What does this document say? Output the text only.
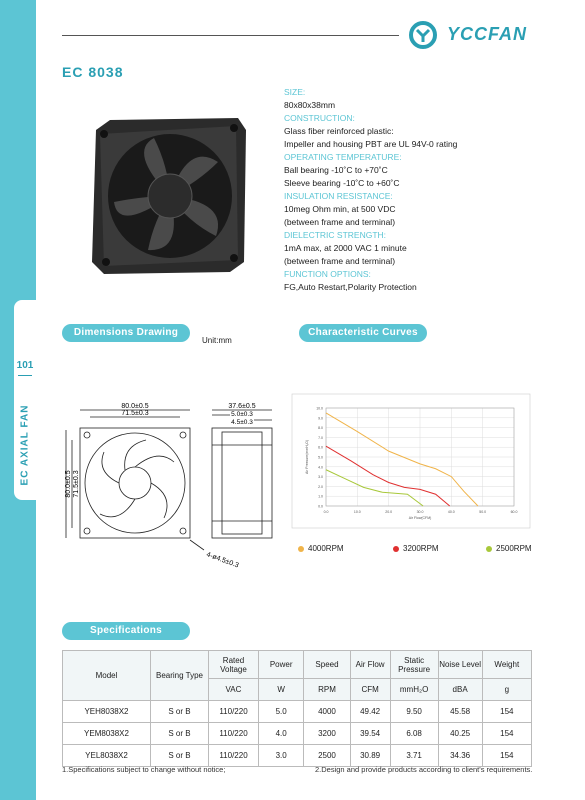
101
EC AXIAL FAN
YCCFAN
EC 8038
SIZE:
80x80x38mm
CONSTRUCTION:
Glass fiber reinforced plastic:
Impeller and housing PBT are UL 94V-0 rating
OPERATING TEMPERATURE:
Ball bearing -10˚C to +70˚C
Sleeve bearing -10˚C to +60˚C
INSULATION RESISTANCE:
10meg Ohm min, at 500 VDC
(between frame and terminal)
DIELECTRIC STRENGTH:
1mA max, at 2000 VAC 1 minute
(between frame and terminal)
FUNCTION OPTIONS:
FG,Auto Restart,Polarity Protection
Dimensions Drawing
Unit:mm
Characteristic Curves
80.0±0.5
71.5±0.3
37.6±0.5
5.0±0.3
4.5±0.3
80.0±0.5 71.5±0.3
4-ø4.5±0.3
0.0
1.0
2.0
3.0
4.0
5.0
6.0
7.0
8.0
9.0
10.0
0.0	10.0	20.0	30.0	40.0	50.0	60.0
Air Flow(CFM)
Air Pressure(mmH₂O)
4000RPM	3200RPM	2500RPM
Specifications
Model	Bearing Type	Rated Voltage	Power	Speed	Air Flow	Static Pressure	Noise Level	Weight
		VAC	W	RPM	CFM	mmH₂O	dBA	g
YEH8038X2	S or B	110/220	5.0	4000	49.42	9.50	45.58	154
YEM8038X2	S or B	110/220	4.0	3200	39.54	6.08	40.25	154
YEL8038X2	S or B	110/220	3.0	2500	30.89	3.71	34.36	154
1.Specifications subject to change without notice;	2.Design and provide products according to client's requirements.
